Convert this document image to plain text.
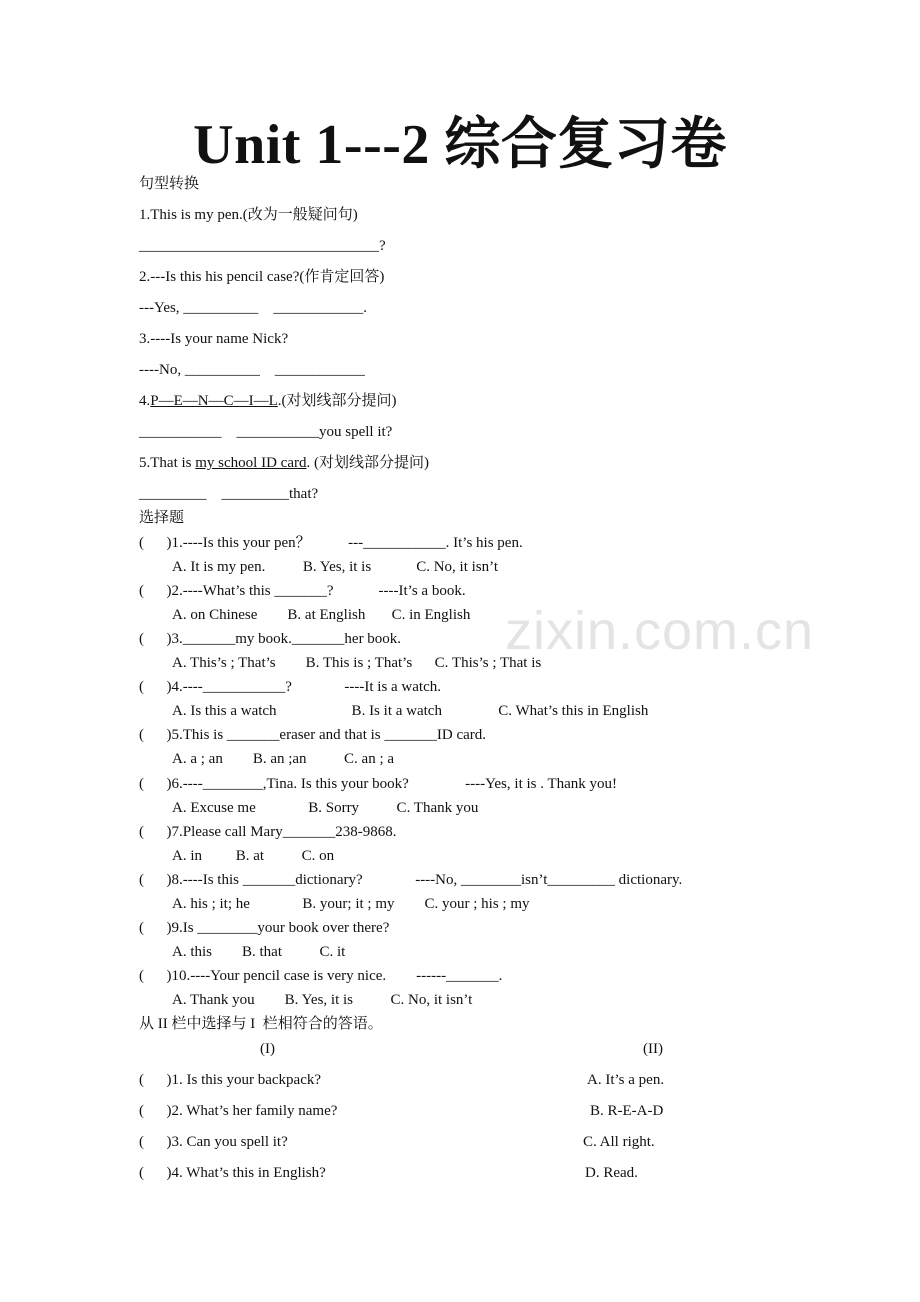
zixin.com.cn
Unit 1---2 综合复习卷
句型转换
1.This is my pen.(改为一般疑问句)
________________________________?
2.---Is this his pencil case?(作肯定回答)
---Yes, __________    ____________.
3.----Is your name Nick?
----No, __________    ____________
4.P—E—N—C—I—L.(对划线部分提问)
___________    ___________you spell it?
5.That is my school ID card. (对划线部分提问)
_________    _________that?
选择题
(      )1.----Is this your pen？          ---___________. It’s his pen.
A. It is my pen.          B. Yes, it is            C. No, it isn’t
(      )2.----What’s this _______?            ----It’s a book.
A. on Chinese        B. at English       C. in English
(      )3._______my book._______her book.
A. This’s ; That’s        B. This is ; That’s      C. This’s ; That is
(      )4.----___________?              ----It is a watch.
A. Is this a watch                    B. Is it a watch               C. What’s this in English
(      )5.This is _______eraser and that is _______ID card.
A. a ; an        B. an ;an          C. an ; a
(      )6.----________,Tina. Is this your book?               ----Yes, it is . Thank you!
A. Excuse me              B. Sorry          C. Thank you
(      )7.Please call Mary_______238-9868.
A. in         B. at          C. on
(      )8.----Is this _______dictionary?              ----No, ________isn’t_________ dictionary.
A. his ; it; he              B. your; it ; my        C. your ; his ; my
(      )9.Is ________your book over there?
A. this        B. that          C. it
(      )10.----Your pencil case is very nice.        ------_______.
A. Thank you        B. Yes, it is          C. No, it isn’t
从 II 栏中选择与 I  栏相符合的答语。
(I)	(II)
(      )1. Is this your backpack?	A. It’s a pen.
(      )2. What’s her family name?	B. R-E-A-D
(      )3. Can you spell it?	C. All right.
(      )4. What’s this in English?	D. Read.
